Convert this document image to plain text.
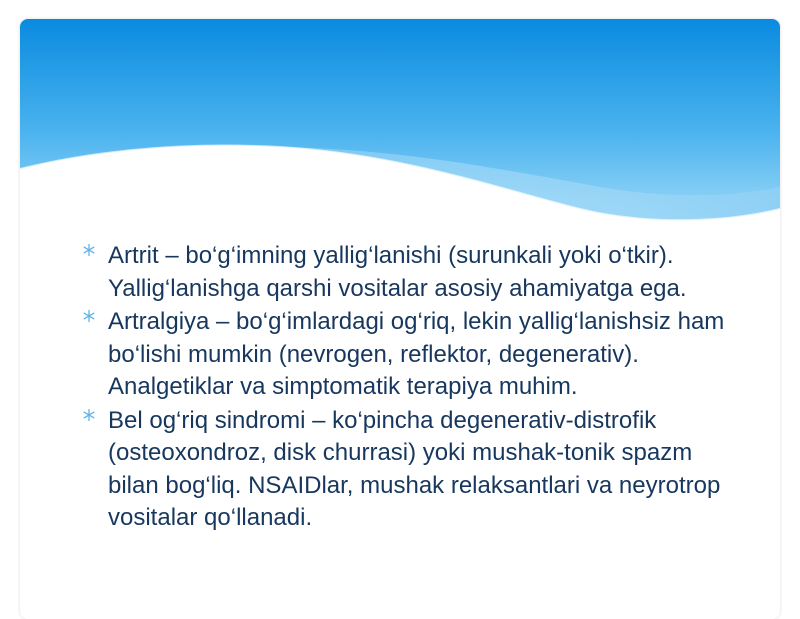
Artrit – bo‘g‘imning yallig‘lanishi (surunkali yoki o‘tkir). Yallig‘lanishga qarshi vositalar asosiy ahamiyatga ega.
Artralgiya – bo‘g‘imlardagi og‘riq, lekin yallig‘lanishsiz ham bo‘lishi mumkin (nevrogen, reflektor, degenerativ). Analgetiklar va simptomatik terapiya muhim.
Bel og‘riq sindromi – ko‘pincha degenerativ-distrofik (osteoxondroz, disk churrasi) yoki mushak-tonik spazm bilan bog‘liq. NSAIDlar, mushak relaksantlari va neyrotrop vositalar qo‘llanadi.
